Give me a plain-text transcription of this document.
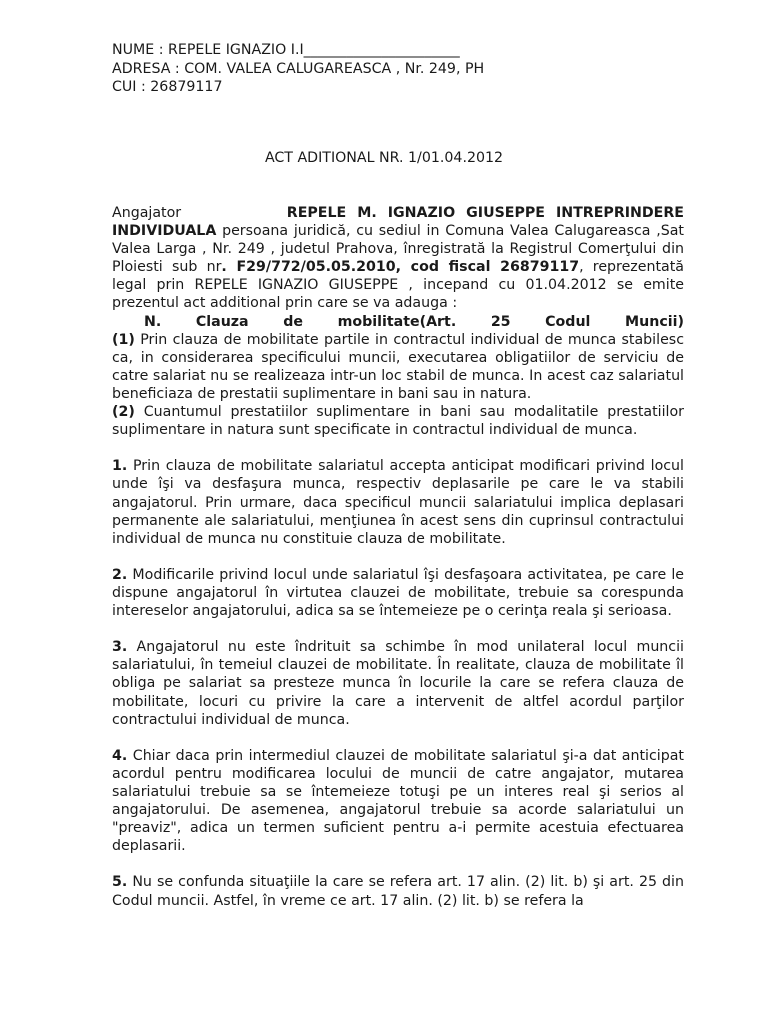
NUME : REPELE IGNAZIO I.I______________________
ADRESA : COM. VALEA CALUGAREASCA , Nr. 249, PH
CUI : 26879117
ACT ADITIONAL NR. 1/01.04.2012

Angajator	REPELE M. IGNAZIO GIUSEPPE INTREPRINDERE INDIVIDUALA persoana juridică, cu sediul in Comuna Valea Calugareasca ,Sat Valea Larga , Nr. 249 , judetul Prahova, înregistrată la Registrul Comerţului din Ploiesti sub nr. F29/772/05.05.2010, cod fiscal 26879117, reprezentată legal prin REPELE IGNAZIO GIUSEPPE , incepand cu 01.04.2012 se emite prezentul act additional prin care se va adauga :

N. Clauza de mobilitate(Art. 25 Codul Muncii)

(1) Prin clauza de mobilitate partile in contractul individual de munca stabilesc ca, in considerarea specificului muncii, executarea obligatiilor de serviciu de catre salariat nu se realizeaza intr-un loc stabil de munca. In acest caz salariatul beneficiaza de prestatii suplimentare in bani sau in natura.

(2) Cuantumul prestatiilor suplimentare in bani sau modalitatile prestatiilor suplimentare in natura sunt specificate in contractul individual de munca.

1. Prin clauza de mobilitate salariatul accepta anticipat modificari privind locul unde îşi va desfaşura munca, respectiv deplasarile pe care le va stabili angajatorul. Prin urmare, daca specificul muncii salariatului implica deplasari permanente ale salariatului, menţiunea în acest sens din cuprinsul contractului individual de munca nu constituie clauza de mobilitate.

2. Modificarile privind locul unde salariatul îşi desfaşoara activitatea, pe care le dispune angajatorul în virtutea clauzei de mobilitate, trebuie sa corespunda intereselor angajatorului, adica sa se întemeieze pe o cerinţa reala şi serioasa.

3. Angajatorul nu este îndrituit sa schimbe în mod unilateral locul muncii salariatului, în temeiul clauzei de mobilitate. În realitate, clauza de mobilitate îl obliga pe salariat sa presteze munca în locurile la care se refera clauza de mobilitate, locuri cu privire la care a intervenit de altfel acordul parţilor contractului individual de munca.

4. Chiar daca prin intermediul clauzei de mobilitate salariatul şi-a dat anticipat acordul pentru modificarea locului de muncii de catre angajator, mutarea salariatului trebuie sa se întemeieze totuşi pe un interes real şi serios al angajatorului. De asemenea, angajatorul trebuie sa acorde salariatului un "preaviz", adica un termen suficient pentru a-i permite acestuia efectuarea deplasarii.

5. Nu se confunda situaţiile la care se refera art. 17 alin. (2) lit. b) şi art. 25 din Codul muncii. Astfel, în vreme ce art. 17 alin. (2) lit. b) se refera la
